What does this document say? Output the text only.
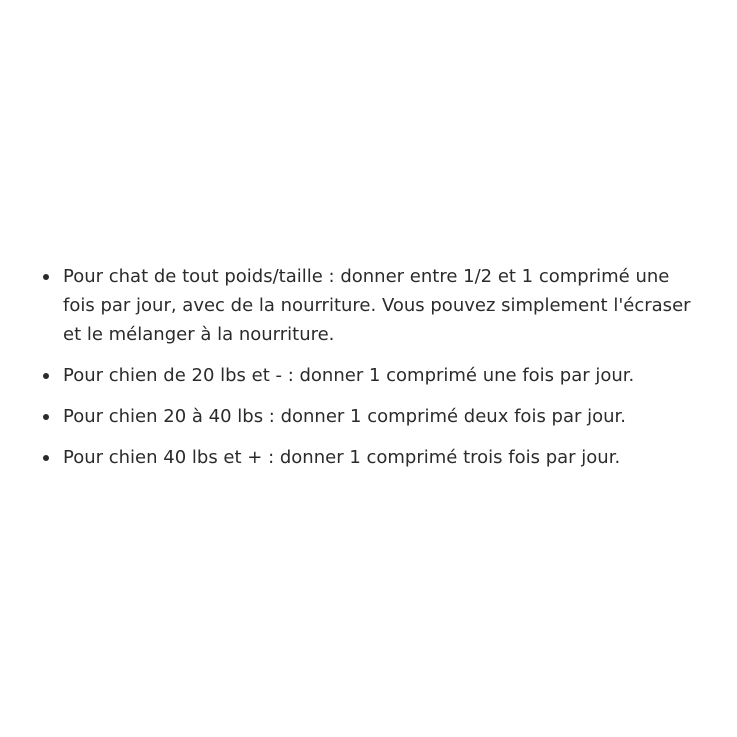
Pour chat de tout poids/taille : donner entre 1/2 et 1 comprimé une fois par jour, avec de la nourriture. Vous pouvez simplement l'écraser et le mélanger à la nourriture.
Pour chien de 20 lbs et - : donner 1 comprimé une fois par jour.
Pour chien 20 à 40 lbs : donner 1 comprimé deux fois par jour.
Pour chien 40 lbs et + : donner 1 comprimé trois fois par jour.
